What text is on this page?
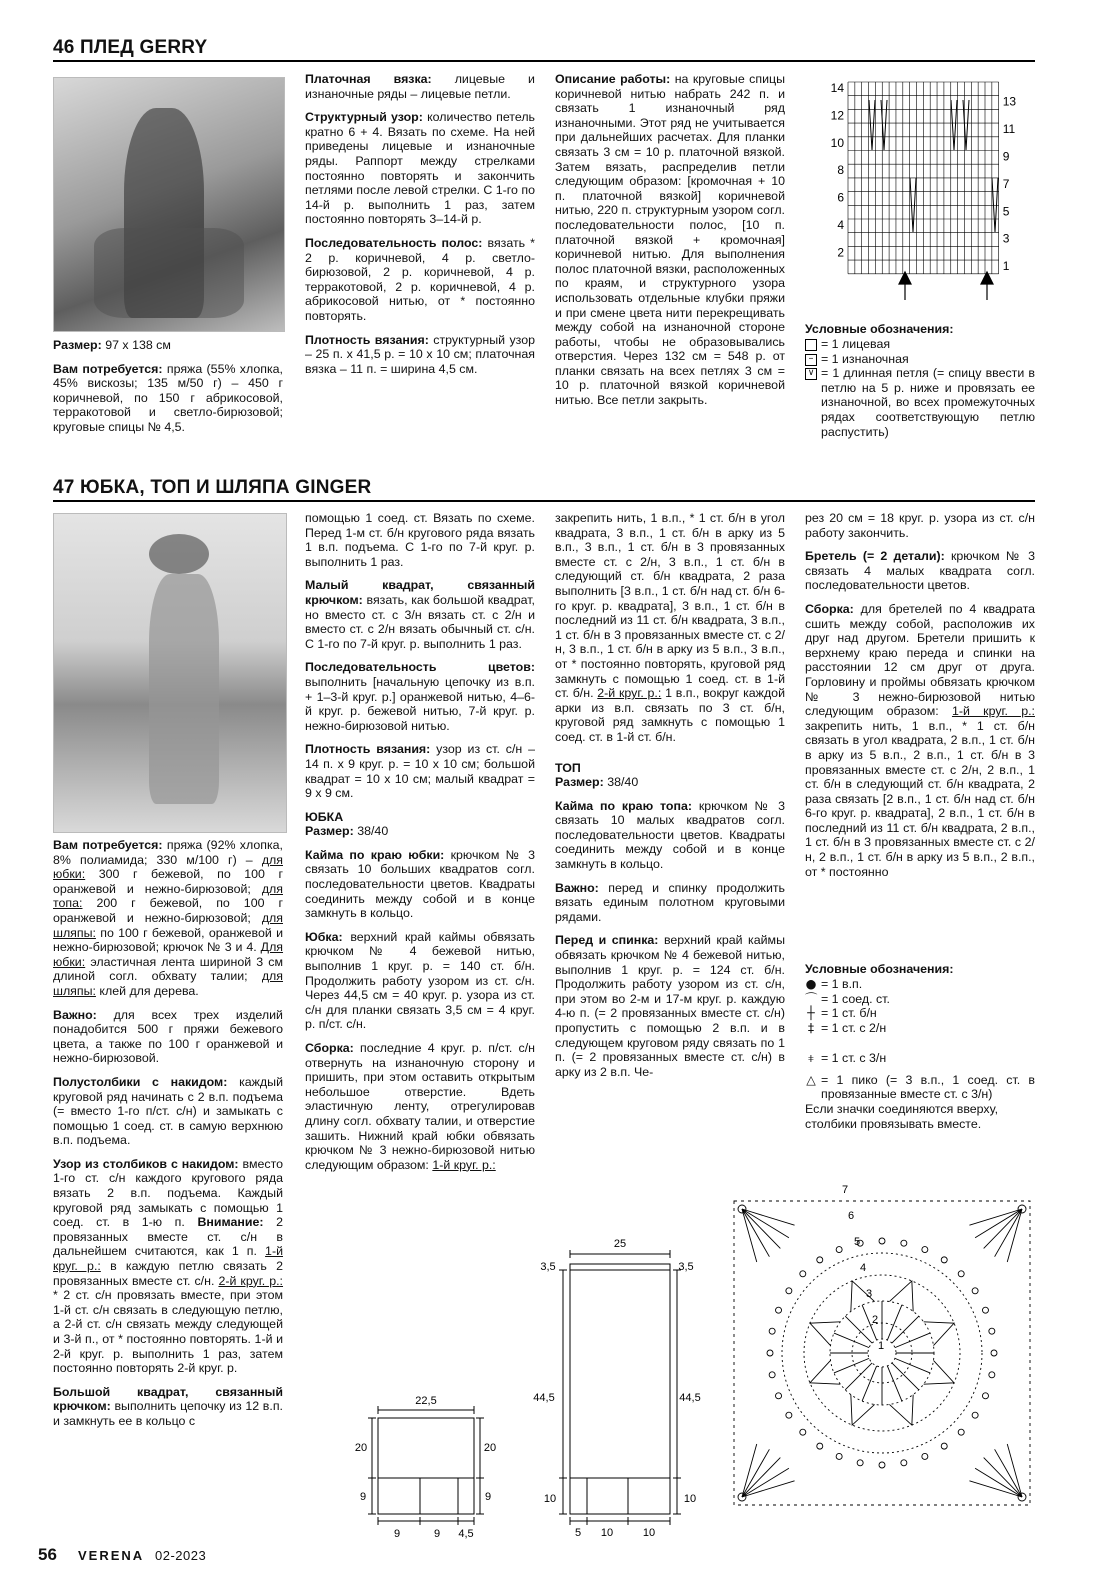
46 ПЛЕД GERRY

Размер: 97 х 138 см

Вам потребуется: пряжа (55% хлопка, 45% вискозы; 135 м/50 г) – 450 г коричневой, по 150 г абрикосовой, терракотовой и светло-бирюзовой; круговые спицы № 4,5.

Платочная вязка: лицевые и изнаночные ряды – лицевые петли.

Структурный узор: количество петель кратно 6 + 4. Вязать по схеме. На ней приведены лицевые и изнаночные ряды. Раппорт между стрелками постоянно повторять и закончить петлями после левой стрелки. С 1-го по 14-й р. выполнить 1 раз, затем постоянно повторять 3–14-й р.

Последовательность полос: вязать * 2 р. коричневой, 4 р. светло-бирюзовой, 2 р. коричневой, 4 р. терракотовой, 2 р. коричневой, 4 р. абрикосовой нитью, от * постоянно повторять.

Плотность вязания: структурный узор – 25 п. х 41,5 р. = 10 х 10 см; платочная вязка – 11 п. = ширина 4,5 см.

Описание работы: на круговые спицы коричневой нитью набрать 242 п. и связать 1 изнаночный ряд изнаночными. Этот ряд не учитывается при дальнейших расчетах. Для планки связать 3 см = 10 р. платочной вязкой. Затем вязать, распределив петли следующим образом: [кромочная + 10 п. платочной вязкой] коричневой нитью, 220 п. структурным узором согл. последовательности полос, [10 п. платочной вязкой + кромочная] коричневой нитью. Для выполнения полос платочной вязки, расположенных по краям, и структурного узора использовать отдельные клубки пряжи и при смене цвета нити перекрещивать между собой на изнаночной стороне работы, чтобы не образовывались отверстия. Через 132 см = 548 р. от планки связать на всех петлях 3 см = 10 р. платочной вязкой коричневой нитью. Все петли закрыть.

14
12
10
8
6
4
2
13
11
9
7
5
3
1
Условные обозначения:
= 1 лицевая
– = 1 изнаночная
⊽ = 1 длинная петля (= спицу ввести в петлю на 5 р. ниже и провязать ее изнаночной, во всех промежуточных рядах соответствующую петлю распустить)
47 ЮБКА, ТОП И ШЛЯПА GINGER

Вам потребуется: пряжа (92% хлопка, 8% полиамида; 330 м/100 г) – для юбки: 300 г бежевой, по 100 г оранжевой и нежно-бирюзовой; для топа: 200 г бежевой, по 100 г оранжевой и нежно-бирюзовой; для шляпы: по 100 г бежевой, оранжевой и нежно-бирюзовой; крючок № 3 и 4. Для юбки: эластичная лента шириной 3 см длиной согл. обхвату талии; для шляпы: клей для дерева.

Важно: для всех трех изделий понадобится 500 г пряжи бежевого цвета, а также по 100 г оранжевой и нежно-бирюзовой.

Полустолбики с накидом: каждый круговой ряд начинать с 2 в.п. подъема (= вместо 1-го п/ст. с/н) и замыкать с помощью 1 соед. ст. в самую верхнюю в.п. подъема.

Узор из столбиков с накидом: вместо 1-го ст. с/н каждого кругового ряда вязать 2 в.п. подъема. Каждый круговой ряд замыкать с помощью 1 соед. ст. в 1-ю п. Внимание: 2 провязанных вместе ст. с/н в дальнейшем считаются, как 1 п. 1-й круг. р.: в каждую петлю связать 2 провязанных вместе ст. с/н. 2-й круг. р.: * 2 ст. с/н провязать вместе, при этом 1-й ст. с/н связать в следующую петлю, а 2-й ст. с/н связать между следующей и 3-й п., от * постоянно повторять. 1-й и 2-й круг. р. выполнить 1 раз, затем постоянно повторять 2-й круг. р.

Большой квадрат, связанный крючком: выполнить цепочку из 12 в.п. и замкнуть ее в кольцо с

помощью 1 соед. ст. Вязать по схеме. Перед 1-м ст. б/н кругового ряда вязать 1 в.п. подъема. С 1-го по 7-й круг. р. выполнить 1 раз.

Малый квадрат, связанный крючком: вязать, как большой квадрат, но вместо ст. с 3/н вязать ст. с 2/н и вместо ст. с 2/н вязать обычный ст. с/н. С 1-го по 7-й круг. р. выполнить 1 раз.

Последовательность цветов: выполнить [начальную цепочку из в.п. + 1–3-й круг. р.] оранжевой нитью, 4–6-й круг. р. бежевой нитью, 7-й круг. р. нежно-бирюзовой нитью.

Плотность вязания: узор из ст. с/н – 14 п. х 9 круг. р. = 10 х 10 см; большой квадрат = 10 х 10 см; малый квадрат = 9 х 9 см.

ЮБКА
Размер: 38/40

Кайма по краю юбки: крючком № 3 связать 10 больших квадратов согл. последовательности цветов. Квадраты соединить между собой и в конце замкнуть в кольцо.

Юбка: верхний край каймы обвязать крючком № 4 бежевой нитью, выполнив 1 круг. р. = 140 ст. б/н. Продолжить работу узором из ст. с/н. Через 44,5 см = 40 круг. р. узора из ст. с/н для планки связать 3,5 см = 4 круг. р. п/ст. с/н.

Сборка: последние 4 круг. р. п/ст. с/н отвернуть на изнаночную сторону и пришить, при этом оставить открытым небольшое отверстие. Вдеть эластичную ленту, отрегулировав длину согл. обхвату талии, и отверстие зашить. Нижний край юбки обвязать крючком № 3 нежно-бирюзовой нитью следующим образом: 1-й круг. р.:

закрепить нить, 1 в.п., * 1 ст. б/н в угол квадрата, 3 в.п., 1 ст. б/н в арку из 5 в.п., 3 в.п., 1 ст. б/н в 3 провязанных вместе ст. с 2/н, 3 в.п., 1 ст. б/н в следующий ст. б/н квадрата, 2 раза выполнить [3 в.п., 1 ст. б/н над ст. б/н 6-го круг. р. квадрата], 3 в.п., 1 ст. б/н в последний из 11 ст. б/н квадрата, 3 в.п., 1 ст. б/н в 3 провязанных вместе ст. с 2/н, 3 в.п., 1 ст. б/н в арку из 5 в.п., 3 в.п., от * постоянно повторять, круговой ряд замкнуть с помощью 1 соед. ст. в 1-й ст. б/н. 2-й круг. р.: 1 в.п., вокруг каждой арки из в.п. связать по 3 ст. б/н, круговой ряд замкнуть с помощью 1 соед. ст. в 1-й ст. б/н.

ТОП
Размер: 38/40

Кайма по краю топа: крючком № 3 связать 10 малых квадратов согл. последовательности цветов. Квадраты соединить между собой и в конце замкнуть в кольцо.

Важно: перед и спинку продолжить вязать единым полотном круговыми рядами.

Перед и спинка: верхний край каймы обвязать крючком № 4 бежевой нитью, выполнив 1 круг. р. = 124 ст. б/н. Продолжить работу узором из ст. с/н, при этом во 2-м и 17-м круг. р. каждую 4-ю п. (= 2 провязанных вместе ст. с/н) пропустить с помощью 2 в.п. и в следующем круговом ряду связать по 1 п. (= 2 провязанных вместе ст. с/н) в арку из 2 в.п. Че-

рез 20 см = 18 круг. р. узора из ст. с/н работу закончить.

Бретель (= 2 детали): крючком № 3 связать 4 малых квадрата согл. последовательности цветов.

Сборка: для бретелей по 4 квадрата сшить между собой, расположив их друг над другом. Бретели пришить к верхнему краю переда и спинки на расстоянии 12 см друг от друга. Горловину и проймы обвязать крючком № 3 нежно-бирюзовой нитью следующим образом: 1-й круг. р.: закрепить нить, 1 в.п., * 1 ст. б/н связать в угол квадрата, 2 в.п., 1 ст. б/н в арку из 5 в.п., 2 в.п., 1 ст. б/н в 3 провязанных вместе ст. с 2/н, 2 в.п., 1 ст. б/н в следующий ст. б/н квадрата, 2 раза связать [2 в.п., 1 ст. б/н над ст. б/н 6-го круг. р. квадрата], 2 в.п., 1 ст. б/н в последний из 11 ст. б/н квадрата, 2 в.п., 1 ст. б/н в 3 провязанных вместе ст. с 2/н, 2 в.п., 1 ст. б/н в арку из 5 в.п., 2 в.п., от * постоянно

Условные обозначения:
● = 1 в.п.
⌒ = 1 соед. ст.
┼ = 1 ст. б/н
‡ = 1 ст. с 2/н
⧧ = 1 ст. с 3/н
△ = 1 пико (= 3 в.п., 1 соед. ст. в провязанные вместе ст. с 3/н)
Если значки соединяются вверху, столбики провязывать вместе.
22,5
20	20
9	9
9	9 4,5
25
3,5	3,5
44,5	44,5
10	10
5 10	10
7
6
5
4
3
2
1
56 VERENA 02-2023
